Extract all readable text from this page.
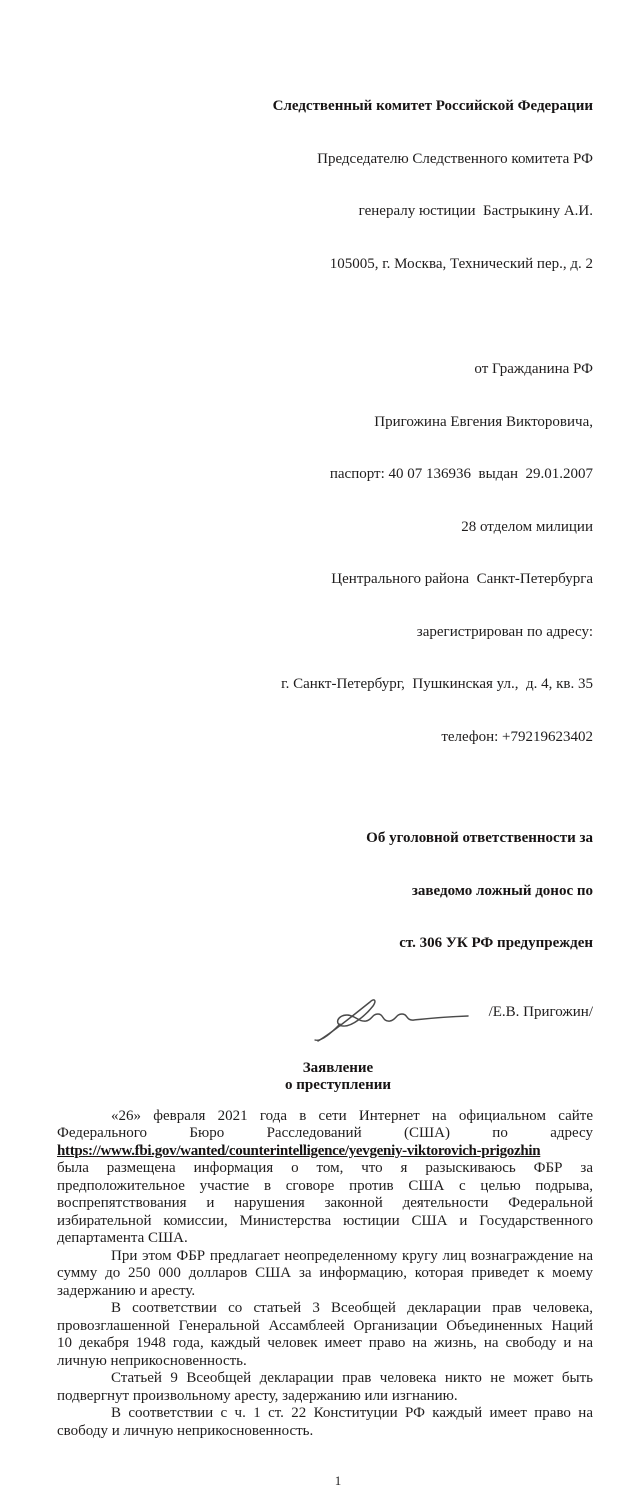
Следственный комитет Российской Федерации

Председателю Следственного комитета РФ

генералу юстиции  Бастрыкину А.И.

105005, г. Москва, Технический пер., д. 2

от Гражданина РФ

Пригожина Евгения Викторовича,

паспорт: 40 07 136936  выдан  29.01.2007

28 отделом милиции

Центрального района  Санкт-Петербурга

зарегистрирован по адресу:

г. Санкт-Петербург,  Пушкинская ул.,  д. 4, кв. 35

телефон: +79219623402

Об уголовной ответственности за

заведомо ложный донос по

ст. 306 УК РФ предупрежден

/Е.В. Пригожин/
Заявление
о преступлении
«26» февраля 2021 года в сети Интернет на официальном сайте
Федерального Бюро Расследований (США) по адресу
https://www.fbi.gov/wanted/counterintelligence/yevgeniy-viktorovich-prigozhin
была размещена информация о том, что я разыскиваюсь ФБР за
предположительное участие в сговоре против США с целью подрыва,
воспрепятствования и нарушения законной деятельности Федеральной
избирательной комиссии, Министерства юстиции США и Государственного
департамента США.
При этом ФБР предлагает неопределенному кругу лиц вознаграждение на
сумму до 250 000 долларов США за информацию, которая приведет к моему
задержанию и аресту.
В соответствии со статьей 3 Всеобщей декларации прав человека,
провозглашенной Генеральной Ассамблеей Организации Объединенных Наций
10 декабря 1948 года, каждый человек имеет право на жизнь, на свободу и на
личную неприкосновенность.
Статьей 9 Всеобщей декларации прав человека никто не может быть
подвергнут произвольному аресту, задержанию или изгнанию.
В соответствии с ч. 1 ст. 22 Конституции РФ каждый имеет право на
свободу и личную неприкосновенность.
1
